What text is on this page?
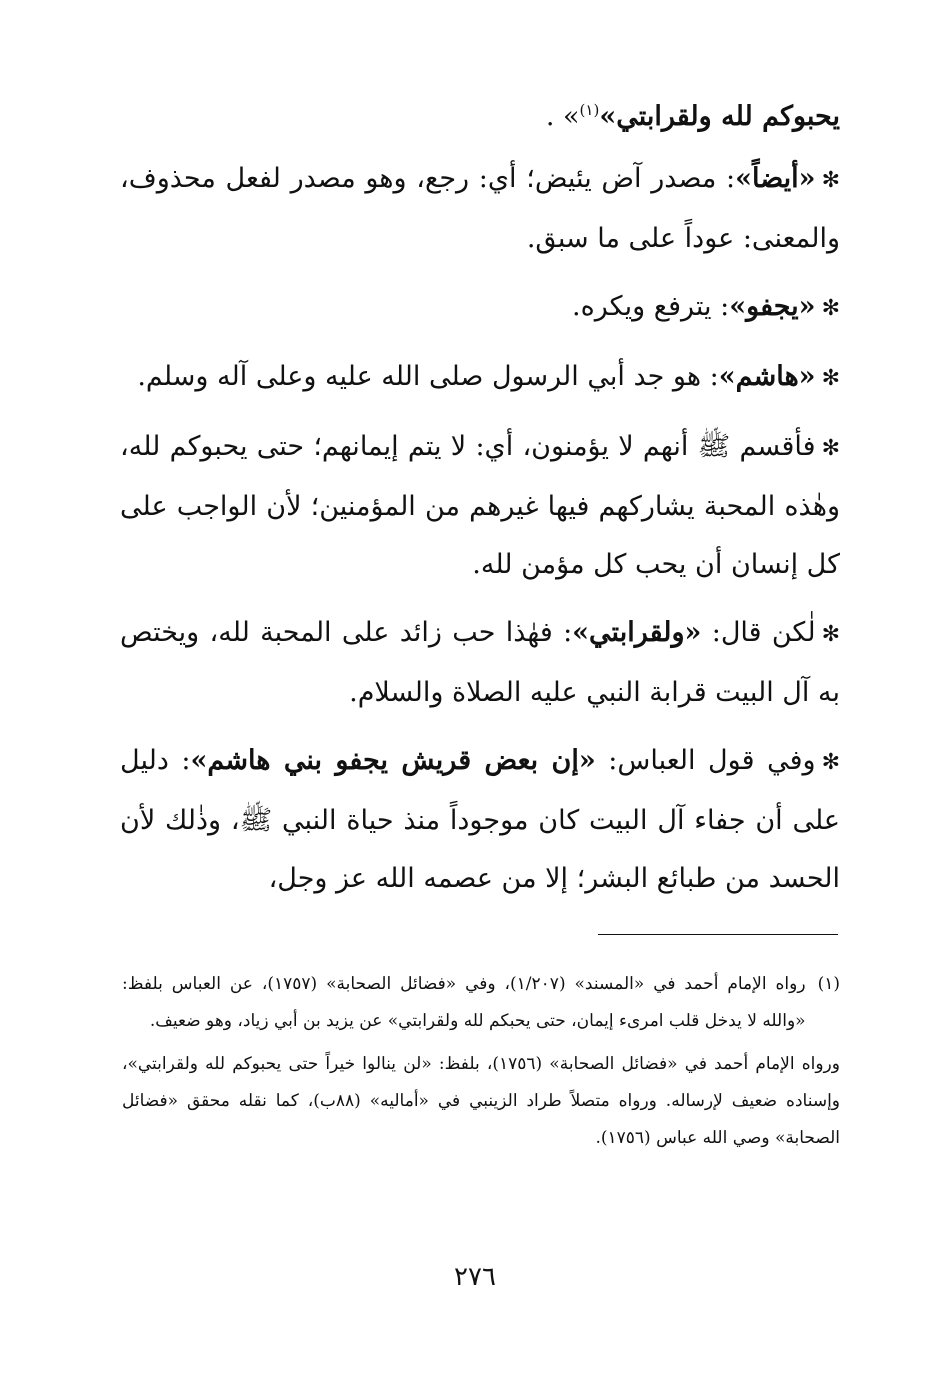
يحبوكم لله ولقرابتي»$^{(١)}$» .

✻«أيضاً»: مصدر آض يئيض؛ أي: رجع، وهو مصدر لفعل محذوف، والمعنى: عوداً على ما سبق.

✻«يجفو»: يترفع ويكره.

✻«هاشم»: هو جد أبي الرسول صلى الله عليه وعلى آله وسلم.

✻فأقسم ﷺ أنهم لا يؤمنون، أي: لا يتم إيمانهم؛ حتى يحبوكم لله، وهٰذه المحبة يشاركهم فيها غيرهم من المؤمنين؛ لأن الواجب على كل إنسان أن يحب كل مؤمن لله.

✻لٰكن قال: «ولقرابتي»: فهٰذا حب زائد على المحبة لله، ويختص به آل البيت قرابة النبي عليه الصلاة والسلام.

✻وفي قول العباس: «إن بعض قريش يجفو بني هاشم»: دليل على أن جفاء آل البيت كان موجوداً منذ حياة النبي ﷺ، وذٰلك لأن الحسد من طبائع البشر؛ إلا من عصمه الله عز وجل،

(١)
رواه الإمام أحمد في «المسند» (١/٢٠٧)، وفي «فضائل الصحابة» (١٧٥٧)، عن العباس بلفظ: «والله لا يدخل قلب امرىء إيمان، حتى يحبكم لله ولقرابتي» عن يزيد بن أبي زياد، وهو ضعيف.

ورواه الإمام أحمد في «فضائل الصحابة» (١٧٥٦)، بلفظ: «لن ينالوا خيراً حتى يحبوكم لله ولقرابتي»، وإسناده ضعيف لإرساله. ورواه متصلاً طراد الزينبي في «أماليه» (٨٨ب)، كما نقله محقق «فضائل الصحابة» وصي الله عباس (١٧٥٦).

٢٧٦
